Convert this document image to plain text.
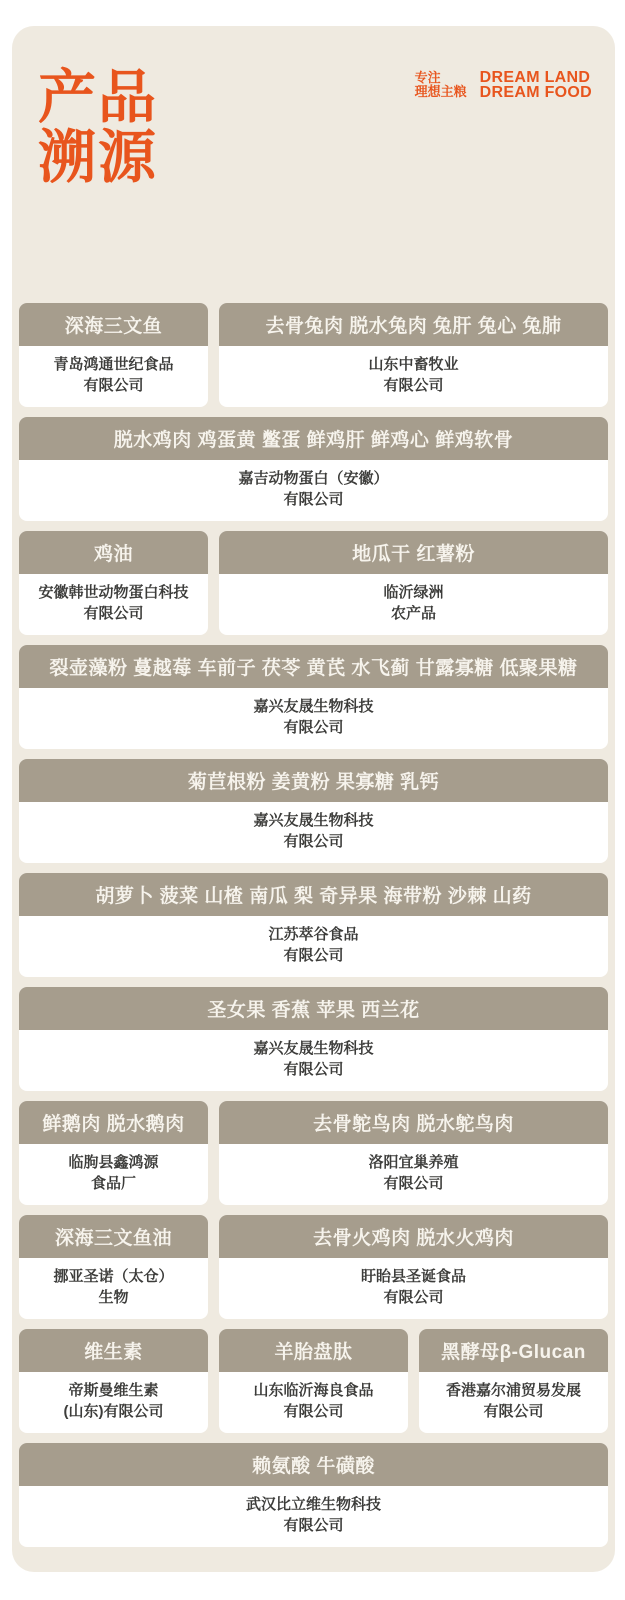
产品
溯源
专注
理想主粮
DREAM LAND
DREAM FOOD
深海三文鱼
青岛鸿通世纪食品
有限公司
去骨兔肉 脱水兔肉 兔肝 兔心 兔肺
山东中畜牧业
有限公司
脱水鸡肉 鸡蛋黄 鳖蛋 鲜鸡肝 鲜鸡心 鲜鸡软骨
嘉吉动物蛋白（安徽）
有限公司
鸡油
安徽韩世动物蛋白科技
有限公司
地瓜干 红薯粉
临沂绿洲
农产品
裂壶藻粉 蔓越莓 车前子 茯苓 黄芪 水飞蓟 甘露寡糖 低聚果糖
嘉兴友晟生物科技
有限公司
菊苣根粉 姜黄粉 果寡糖 乳钙
嘉兴友晟生物科技
有限公司
胡萝卜 菠菜 山楂 南瓜 梨 奇异果 海带粉 沙棘 山药
江苏萃谷食品
有限公司
圣女果 香蕉 苹果 西兰花
嘉兴友晟生物科技
有限公司
鲜鹅肉 脱水鹅肉
临朐县鑫鸿源
食品厂
去骨鸵鸟肉 脱水鸵鸟肉
洛阳宜巢养殖
有限公司
深海三文鱼油
挪亚圣诺（太仓）
生物
去骨火鸡肉 脱水火鸡肉
盱眙县圣诞食品
有限公司
维生素
帝斯曼维生素
(山东)有限公司
羊胎盘肽
山东临沂海良食品
有限公司
黑酵母β-Glucan
香港嘉尔浦贸易发展
有限公司
赖氨酸 牛磺酸
武汉比立维生物科技
有限公司
